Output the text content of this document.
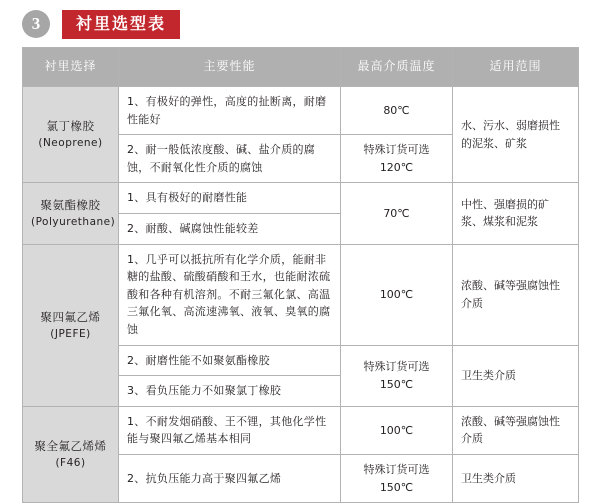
3	衬里选型表
衬里选择	主要性能	最高介质温度	适用范围
氯丁橡胶
(Neoprene)	1、有极好的弹性，高度的扯断离，耐磨性能好	80℃	水、污水、弱磨损性的泥浆、矿浆
	2、耐一般低浓度酸、碱、盐介质的腐蚀，不耐氧化性介质的腐蚀	特殊订货可选 120℃	
聚氨酯橡胶
(Polyurethane)	1、具有极好的耐磨性能	70℃	中性、强磨损的矿浆、煤浆和泥浆
	2、耐酸、碱腐蚀性能较差		
聚四氟乙烯
(JPEFE)	1、几乎可以抵抗所有化学介质，能耐非糖的盐酸、硫酸硝酸和王水，也能耐浓硫酸和各种有机溶剂。不耐三氟化氯、高温三氟化氧、高流速沸氧、液氧、臭氧的腐蚀	100℃	浓酸、碱等强腐蚀性介质
	2、耐磨性能不如聚氨酯橡胶	特殊订货可选 150℃	卫生类介质
	3、看负压能力不如聚氯丁橡胶		
聚全氟乙烯烯
(F46)	1、不耐发烟硝酸、王不锂，其他化学性能与聚四氟乙烯基本相同	100℃	浓酸、碱等强腐蚀性介质
	2、抗负压能力高于聚四氟乙烯	特殊订货可选 150℃	卫生类介质
